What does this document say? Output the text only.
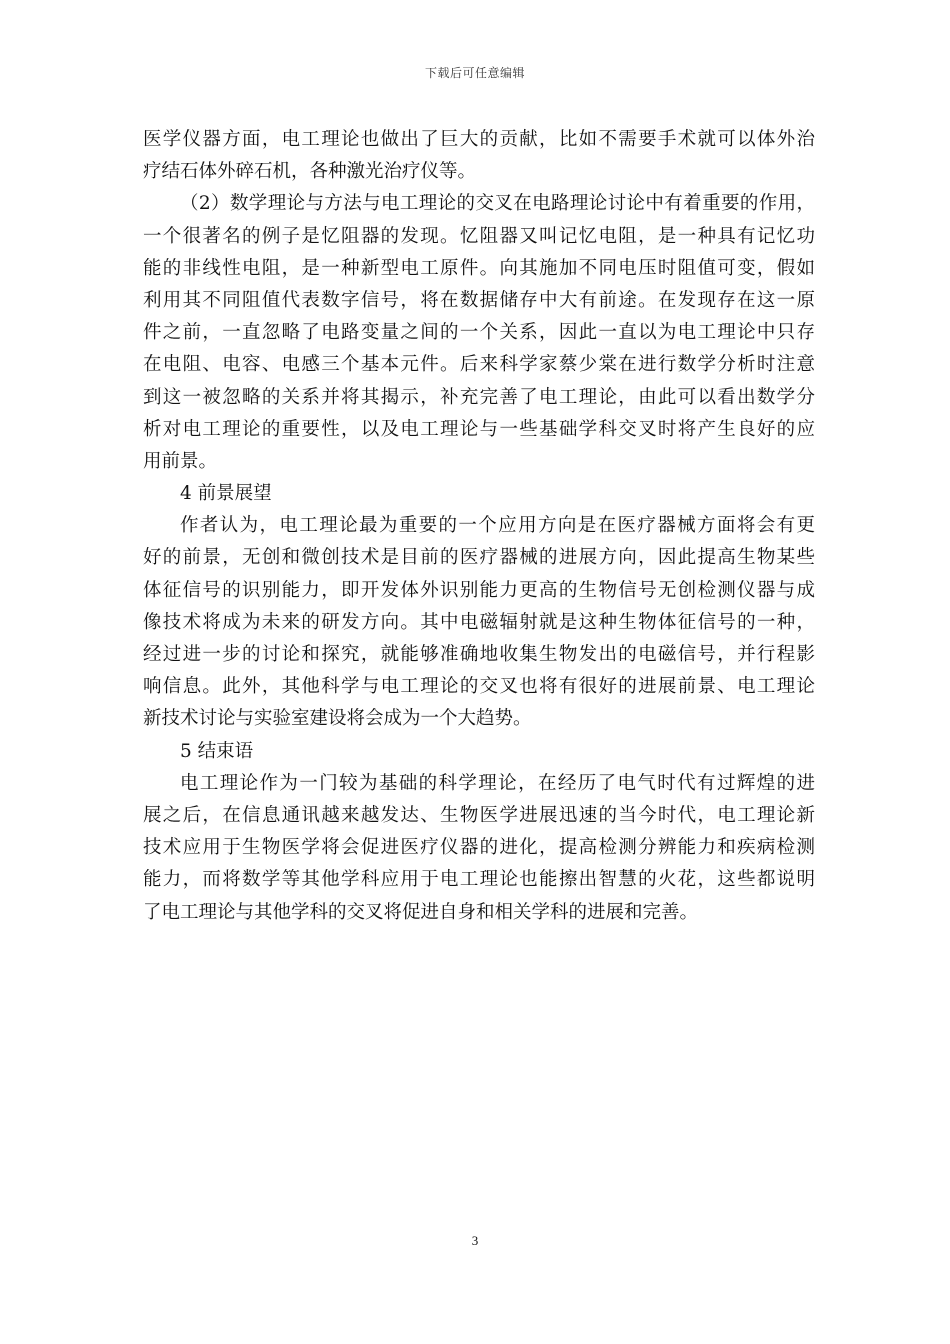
下载后可任意编辑
医学仪器方面，电工理论也做出了巨大的贡献，比如不需要手术就可以体外治
疗结石体外碎石机，各种激光治疗仪等。
（2）数学理论与方法与电工理论的交叉在电路理论讨论中有着重要的作用，
一个很著名的例子是忆阻器的发现。忆阻器又叫记忆电阻，是一种具有记忆功
能的非线性电阻，是一种新型电工原件。向其施加不同电压时阻值可变，假如
利用其不同阻值代表数字信号，将在数据储存中大有前途。在发现存在这一原
件之前，一直忽略了电路变量之间的一个关系，因此一直以为电工理论中只存
在电阻、电容、电感三个基本元件。后来科学家蔡少棠在进行数学分析时注意
到这一被忽略的关系并将其揭示，补充完善了电工理论，由此可以看出数学分
析对电工理论的重要性，以及电工理论与一些基础学科交叉时将产生良好的应
用前景。
4 前景展望
作者认为，电工理论最为重要的一个应用方向是在医疗器械方面将会有更
好的前景，无创和微创技术是目前的医疗器械的进展方向，因此提高生物某些
体征信号的识别能力，即开发体外识别能力更高的生物信号无创检测仪器与成
像技术将成为未来的研发方向。其中电磁辐射就是这种生物体征信号的一种，
经过进一步的讨论和探究，就能够准确地收集生物发出的电磁信号，并行程影
响信息。此外，其他科学与电工理论的交叉也将有很好的进展前景、电工理论
新技术讨论与实验室建设将会成为一个大趋势。
5 结束语
电工理论作为一门较为基础的科学理论，在经历了电气时代有过辉煌的进
展之后，在信息通讯越来越发达、生物医学进展迅速的当今时代，电工理论新
技术应用于生物医学将会促进医疗仪器的进化，提高检测分辨能力和疾病检测
能力，而将数学等其他学科应用于电工理论也能擦出智慧的火花，这些都说明
了电工理论与其他学科的交叉将促进自身和相关学科的进展和完善。
3
